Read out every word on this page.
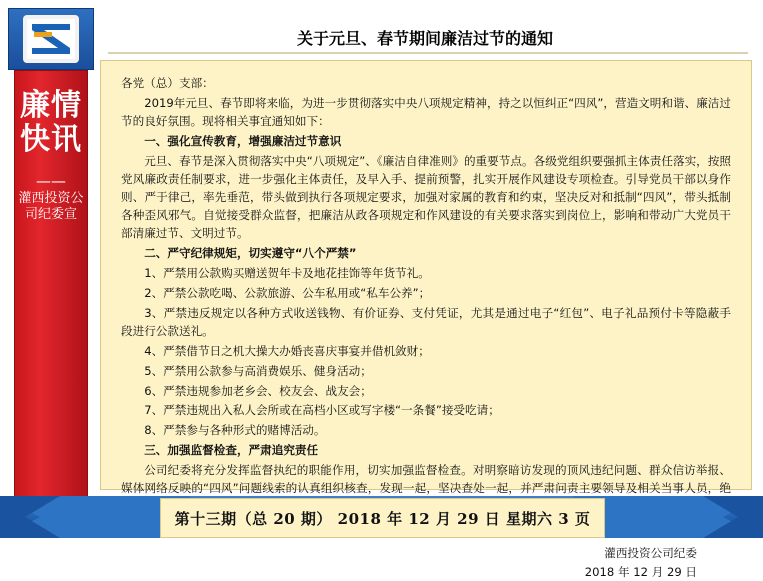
廉情快讯
——
灌西投资公司纪委宣
关于元旦、春节期间廉洁过节的通知

各党（总）支部：

2019年元旦、春节即将来临，为进一步贯彻落实中央八项规定精神，持之以恒纠正“四风”，营造文明和谐、廉洁过节的良好氛围。现将相关事宜通知如下：

一、强化宣传教育，增强廉洁过节意识

元旦、春节是深入贯彻落实中央“八项规定”、《廉洁自律准则》的重要节点。各级党组织要强抓主体责任落实，按照党风廉政责任制要求，进一步强化主体责任，及早入手、提前预警，扎实开展作风建设专项检查。引导党员干部以身作则、严于律己，率先垂范，带头做到执行各项规定要求，加强对家属的教育和约束，坚决反对和抵制“四风”，带头抵制各种歪风邪气。自觉接受群众监督，把廉洁从政各项规定和作风建设的有关要求落实到岗位上，影响和带动广大党员干部清廉过节、文明过节。

二、严守纪律规矩，切实遵守“八个严禁”

1、严禁用公款购买赠送贺年卡及地花挂饰等年货节礼。

2、严禁公款吃喝、公款旅游、公车私用或“私车公养”；

3、严禁违反规定以各种方式收送钱物、有价证券、支付凭证，尤其是通过电子“红包”、电子礼品预付卡等隐蔽手段进行公款送礼。

4、严禁借节日之机大操大办婚丧喜庆事宴并借机敛财；

5、严禁用公款参与高消费娱乐、健身活动；

6、严禁违规参加老乡会、校友会、战友会；

7、严禁违规出入私人会所或在高档小区或写字楼“一条餐”接受吃请；

8、严禁参与各种形式的赌博活动。

三、加强监督检查，严肃追究责任

公司纪委将充分发挥监督执纪的职能作用，切实加强监督检查。对明察暗访发现的顶风违纪问题、群众信访举报、媒体网络反映的“四风”问题线索的认真组织核查，发现一起，坚决查处一起，并严肃问责主要领导及相关当事人员，绝

灌西投资公司纪委
2018 年 12 月 29 日
第十三期（总 20 期） 2018 年 12 月 29 日 星期六 3 页
